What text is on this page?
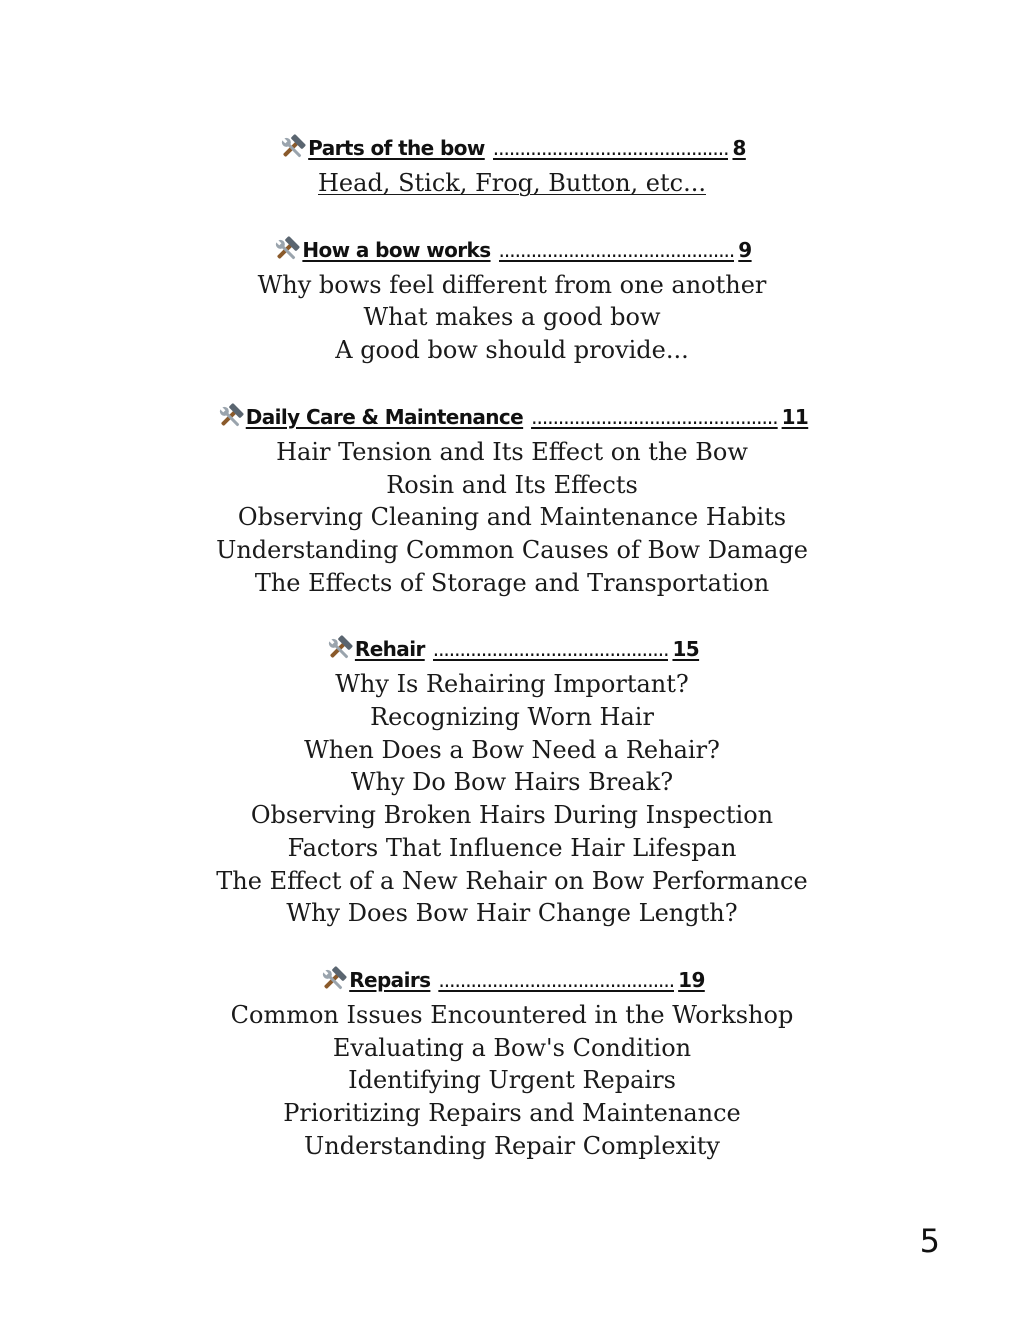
Parts of the bow ............................................ 8
Head, Stick, Frog, Button, etc...
How a bow works ............................................ 9
Why bows feel different from one another
What makes a good bow
A good bow should provide...
Daily Care & Maintenance .............................................. 11
Hair Tension and Its Effect on the Bow
Rosin and Its Effects
Observing Cleaning and Maintenance Habits
Understanding Common Causes of Bow Damage
The Effects of Storage and Transportation
Rehair ............................................ 15
Why Is Rehairing Important?
Recognizing Worn Hair
When Does a Bow Need a Rehair?
Why Do Bow Hairs Break?
Observing Broken Hairs During Inspection
Factors That Influence Hair Lifespan
The Effect of a New Rehair on Bow Performance
Why Does Bow Hair Change Length?
Repairs ............................................ 19
Common Issues Encountered in the Workshop
Evaluating a Bow's Condition
Identifying Urgent Repairs
Prioritizing Repairs and Maintenance
Understanding Repair Complexity
5
